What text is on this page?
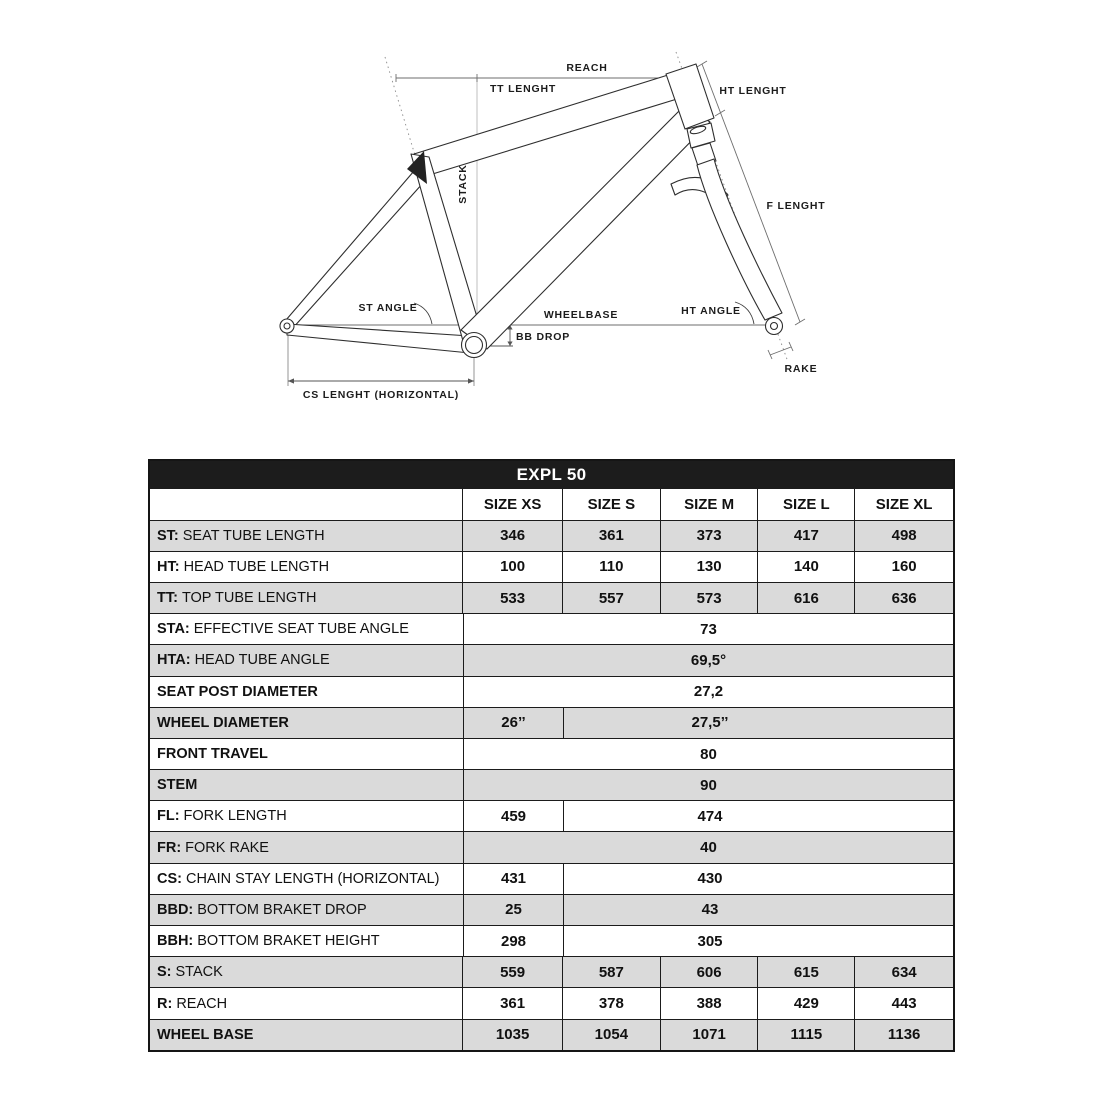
REACH
TT LENGHT	HT LENGHT
STACK
F LENGHT
ST ANGLE
WHEELBASE
BB DROP
HT ANGLE
RAKE
CS LENGHT (HORIZONTAL)
EXPL 50
SIZE XS	SIZE S	SIZE M	SIZE L	SIZE XL
ST: SEAT TUBE LENGTH	346	361	373	417	498
HT: HEAD TUBE LENGTH	100	110	130	140	160
TT: TOP TUBE LENGTH	533	557	573	616	636
STA: EFFECTIVE SEAT TUBE ANGLE	73
HTA: HEAD TUBE ANGLE	69,5°
SEAT POST DIAMETER	27,2
WHEEL DIAMETER	26’’	27,5’’
FRONT TRAVEL	80
STEM	90
FL: FORK LENGTH	459	474
FR: FORK RAKE	40
CS: CHAIN STAY LENGTH (HORIZONTAL)	431	430
BBD: BOTTOM BRAKET DROP	25	43
BBH: BOTTOM BRAKET HEIGHT	298	305
S: STACK	559	587	606	615	634
R: REACH	361	378	388	429	443
WHEEL BASE	1035	1054	1071	1115	1136
